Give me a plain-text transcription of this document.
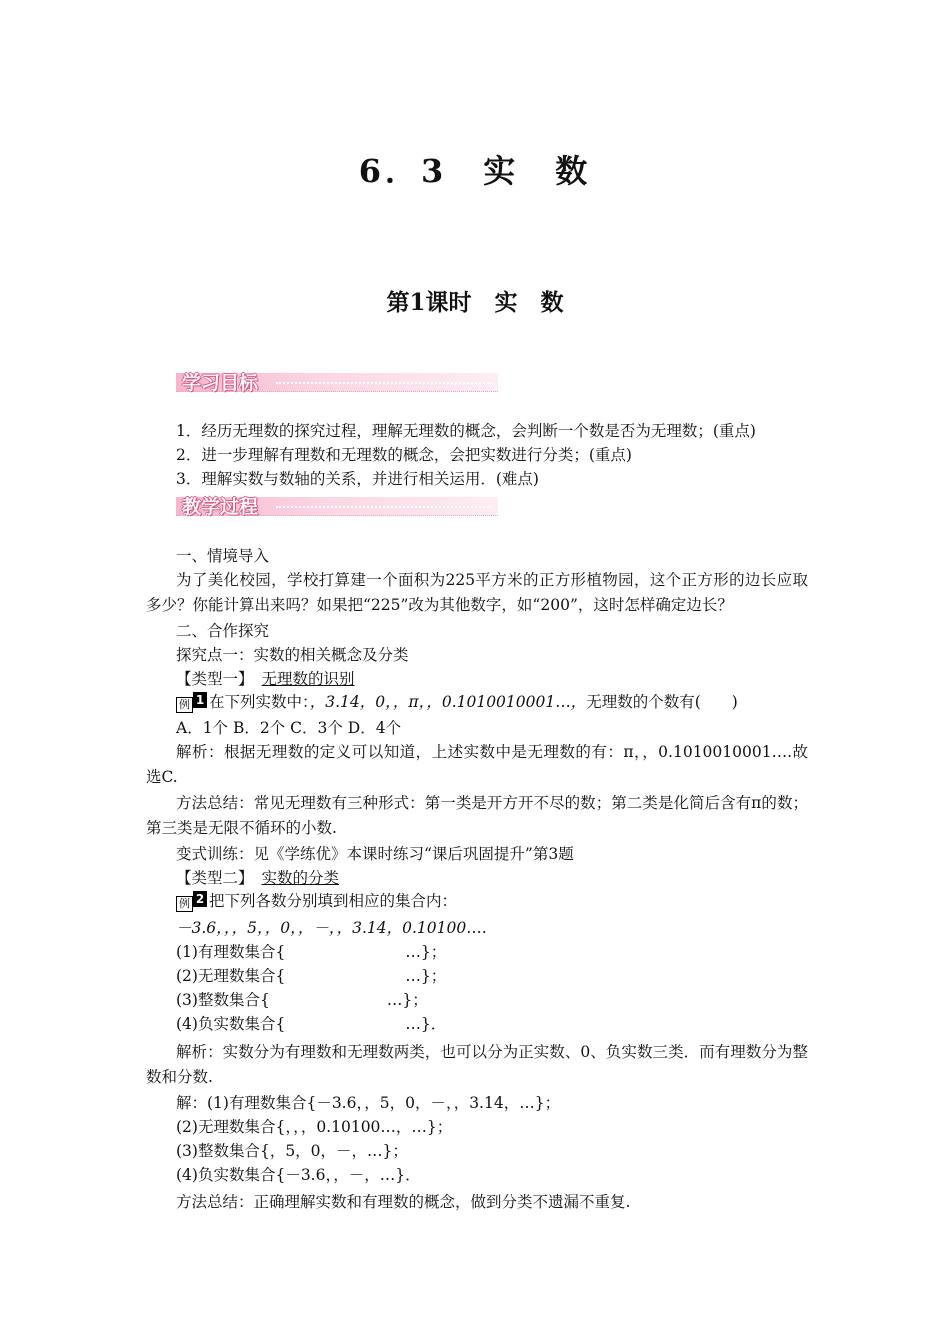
6．3　实　数
第1课时　实　数
学习目标
1．经历无理数的探究过程，理解无理数的概念，会判断一个数是否为无理数；(重点)
2．进一步理解有理数和无理数的概念，会把实数进行分类；(重点)
3．理解实数与数轴的关系，并进行相关运用．(难点)
教学过程
一、情境导入
为了美化校园，学校打算建一个面积为225平方米的正方形植物园，这个正方形的边长应取多少？你能计算出来吗？如果把“225”改为其他数字，如“200”，这时怎样确定边长？
二、合作探究
探究点一：实数的相关概念及分类
【类型一】 无理数的识别
例 1 在下列实数中：，3.14，0，，π，，0.1010010001…，无理数的个数有(　　)
A．1个 B．2个 C．3个 D．4个
解析：根据无理数的定义可以知道，上述实数中是无理数的有：π，，0.1010010001….故选C.
方法总结：常见无理数有三种形式：第一类是开方开不尽的数；第二类是化简后含有π的数；第三类是无限不循环的小数.
变式训练：见《学练优》本课时练习“课后巩固提升”第3题
【类型二】 实数的分类
例 2 把下列各数分别填到相应的集合内：
－3.6，，，5，，0，，－，，3.14，0.10100….
(1)有理数集合{	…}；
(2)无理数集合{	…}；
(3)整数集合{	…}；
(4)负实数集合{	…}．
解析：实数分为有理数和无理数两类，也可以分为正实数、0、负实数三类．而有理数分为整数和分数.
解：(1)有理数集合{－3.6，，5，0，－，，3.14，…}；
(2)无理数集合{，，，0.10100…，…}；
(3)整数集合{，5，0，－，…}；
(4)负实数集合{－3.6，，－，…}．
方法总结：正确理解实数和有理数的概念，做到分类不遗漏不重复.
